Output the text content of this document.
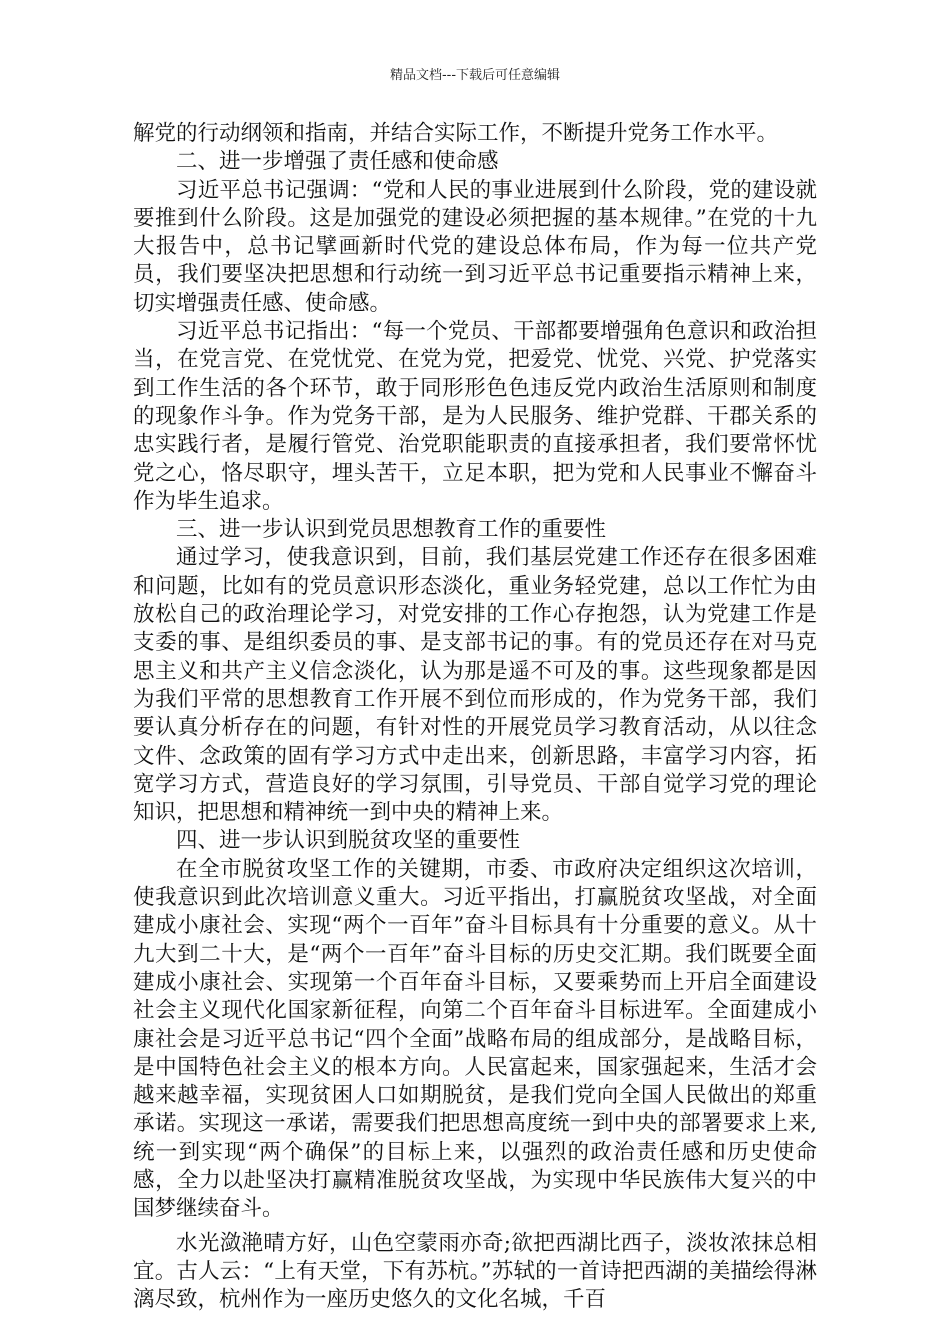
精品文档---下载后可任意编辑

解党的行动纲领和指南，并结合实际工作，不断提升党务工作水平。

二、进一步增强了责任感和使命感

习近平总书记强调：“党和人民的事业进展到什么阶段，党的建设就要推到什么阶段。这是加强党的建设必须把握的基本规律。”在党的十九大报告中，总书记擘画新时代党的建设总体布局，作为每一位共产党员，我们要坚决把思想和行动统一到习近平总书记重要指示精神上来，切实增强责任感、使命感。

习近平总书记指出：“每一个党员、干部都要增强角色意识和政治担当，在党言党、在党忧党、在党为党，把爱党、忧党、兴党、护党落实到工作生活的各个环节，敢于同形形色色违反党内政治生活原则和制度的现象作斗争。作为党务干部，是为人民服务、维护党群、干郡关系的忠实践行者，是履行管党、治党职能职责的直接承担者，我们要常怀忧党之心，恪尽职守，埋头苦干，立足本职，把为党和人民事业不懈奋斗作为毕生追求。

三、进一步认识到党员思想教育工作的重要性

通过学习，使我意识到，目前，我们基层党建工作还存在很多困难和问题，比如有的党员意识形态淡化，重业务轻党建，总以工作忙为由放松自己的政治理论学习，对党安排的工作心存抱怨，认为党建工作是支委的事、是组织委员的事、是支部书记的事。有的党员还存在对马克思主义和共产主义信念淡化，认为那是遥不可及的事。这些现象都是因为我们平常的思想教育工作开展不到位而形成的，作为党务干部，我们要认真分析存在的问题，有针对性的开展党员学习教育活动，从以往念文件、念政策的固有学习方式中走出来，创新思路，丰富学习内容，拓宽学习方式，营造良好的学习氛围，引导党员、干部自觉学习党的理论知识，把思想和精神统一到中央的精神上来。

四、进一步认识到脱贫攻坚的重要性

在全市脱贫攻坚工作的关键期，市委、市政府决定组织这次培训，使我意识到此次培训意义重大。习近平指出，打赢脱贫攻坚战，对全面建成小康社会、实现“两个一百年”奋斗目标具有十分重要的意义。从十九大到二十大，是“两个一百年”奋斗目标的历史交汇期。我们既要全面建成小康社会、实现第一个百年奋斗目标，又要乘势而上开启全面建设社会主义现代化国家新征程，向第二个百年奋斗目标进军。全面建成小康社会是习近平总书记“四个全面”战略布局的组成部分，是战略目标，是中国特色社会主义的根本方向。人民富起来，国家强起来，生活才会越来越幸福，实现贫困人口如期脱贫，是我们党向全国人民做出的郑重承诺。实现这一承诺，需要我们把思想高度统一到中央的部署要求上来,统一到实现“两个确保”的目标上来，以强烈的政治责任感和历史使命感，全力以赴坚决打赢精准脱贫攻坚战，为实现中华民族伟大复兴的中国梦继续奋斗。

水光潋滟晴方好，山色空蒙雨亦奇;欲把西湖比西子，淡妆浓抹总相宜。古人云：“上有天堂，下有苏杭。”苏轼的一首诗把西湖的美描绘得淋漓尽致，杭州作为一座历史悠久的文化名城，千百
